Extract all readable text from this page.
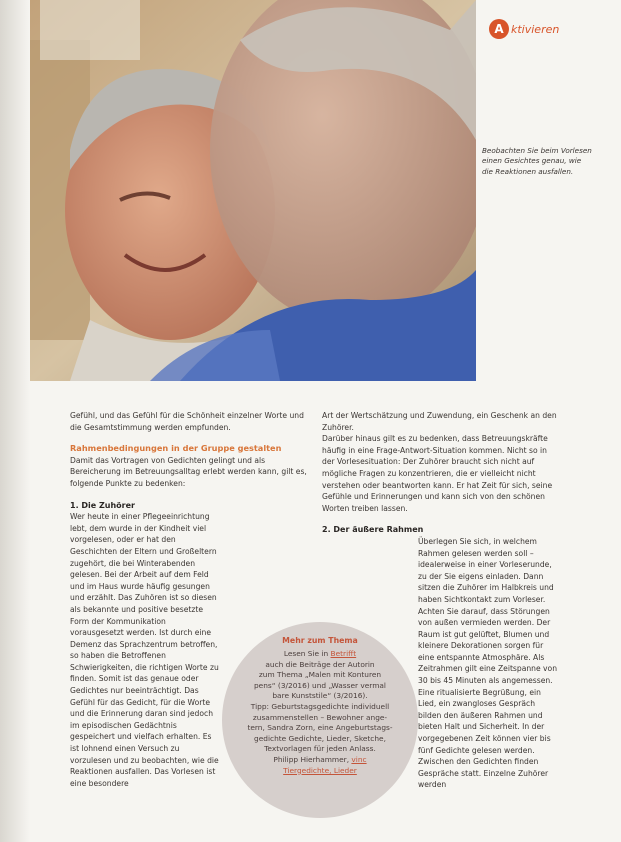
A ktivieren
Beobachten Sie beim Vorlesen einen Gesichtes genau, wie die Reaktionen ausfallen.

Gefühl, und das Gefühl für die Schönheit einzelner Worte und die Gesamtstimmung werden empfunden.

Rahmenbedingungen in der Gruppe gestalten

Damit das Vortragen von Gedichten gelingt und als Bereicherung im Betreuungsalltag erlebt werden kann, gilt es, folgende Punkte zu bedenken:

1. Die Zuhörer

Wer heute in einer Pflegeeinrichtung lebt, dem wurde in der Kindheit viel vorgelesen, oder er hat den Geschichten der Eltern und Großeltern zugehört, die bei Winterabenden gelesen. Bei der Arbeit auf dem Feld und im Haus wurde häufig gesungen und erzählt. Das Zuhören ist so diesen als bekannte und positive besetzte Form der Kommunikation vorausgesetzt werden. Ist durch eine Demenz das Sprachzentrum betroffen, so haben die Betroffenen Schwierigkeiten, die richtigen Worte zu finden. Somit ist das genaue oder Gedichtes nur beeinträchtigt. Das Gefühl für das Gedicht, für die Worte und die Erinnerung daran sind jedoch im episodischen Gedächtnis gespeichert und vielfach erhalten. Es ist lohnend einen Versuch zu vorzulesen und zu beobachten, wie die Reaktionen ausfallen. Das Vorlesen ist eine besondere

Art der Wertschätzung und Zuwendung, ein Geschenk an den Zuhörer.

Darüber hinaus gilt es zu bedenken, dass Betreuungskräfte häufig in eine Frage-Antwort-Situation kommen. Nicht so in der Vorlesesituation: Der Zuhörer braucht sich nicht auf mögliche Fragen zu konzentrieren, die er vielleicht nicht verstehen oder beantworten kann. Er hat Zeit für sich, seine Gefühle und Erinnerungen und kann sich von den schönen Worten treiben lassen.

2. Der äußere Rahmen

Überlegen Sie sich, in welchem Rahmen gelesen werden soll – idealerweise in einer Vorleserunde, zu der Sie eigens einladen. Dann sitzen die Zuhörer im Halbkreis und haben Sichtkontakt zum Vorleser. Achten Sie darauf, dass Störungen von außen vermieden werden. Der Raum ist gut gelüftet, Blumen und kleinere Dekorationen sorgen für eine entspannte Atmosphäre. Als Zeitrahmen gilt eine Zeitspanne von 30 bis 45 Minuten als angemessen. Eine ritualisierte Begrüßung, ein Lied, ein zwangloses Gespräch bilden den äußeren Rahmen und bieten Halt und Sicherheit. In der vorgegebenen Zeit können vier bis fünf Gedichte gelesen werden. Zwischen den Gedichten finden Gespräche statt. Einzelne Zuhörer werden

Mehr zum Thema

Lesen Sie in Betrifft

auch die Beiträge der Autorin

zum Thema „Malen mit Konturen

pens“ (3/2016) und „Wasser vermal

bare Kunststile“ (3/2016).

Tipp: Geburtstagsgedichte individuell

zusammenstellen – Bewohner ange-

tern, Sandra Zorn, eine Angeburtstags-

gedichte Gedichte, Lieder, Sketche,

Textvorlagen für jeden Anlass.

Philipp Hierhammer, vinc

Tiergedichte, Lieder
